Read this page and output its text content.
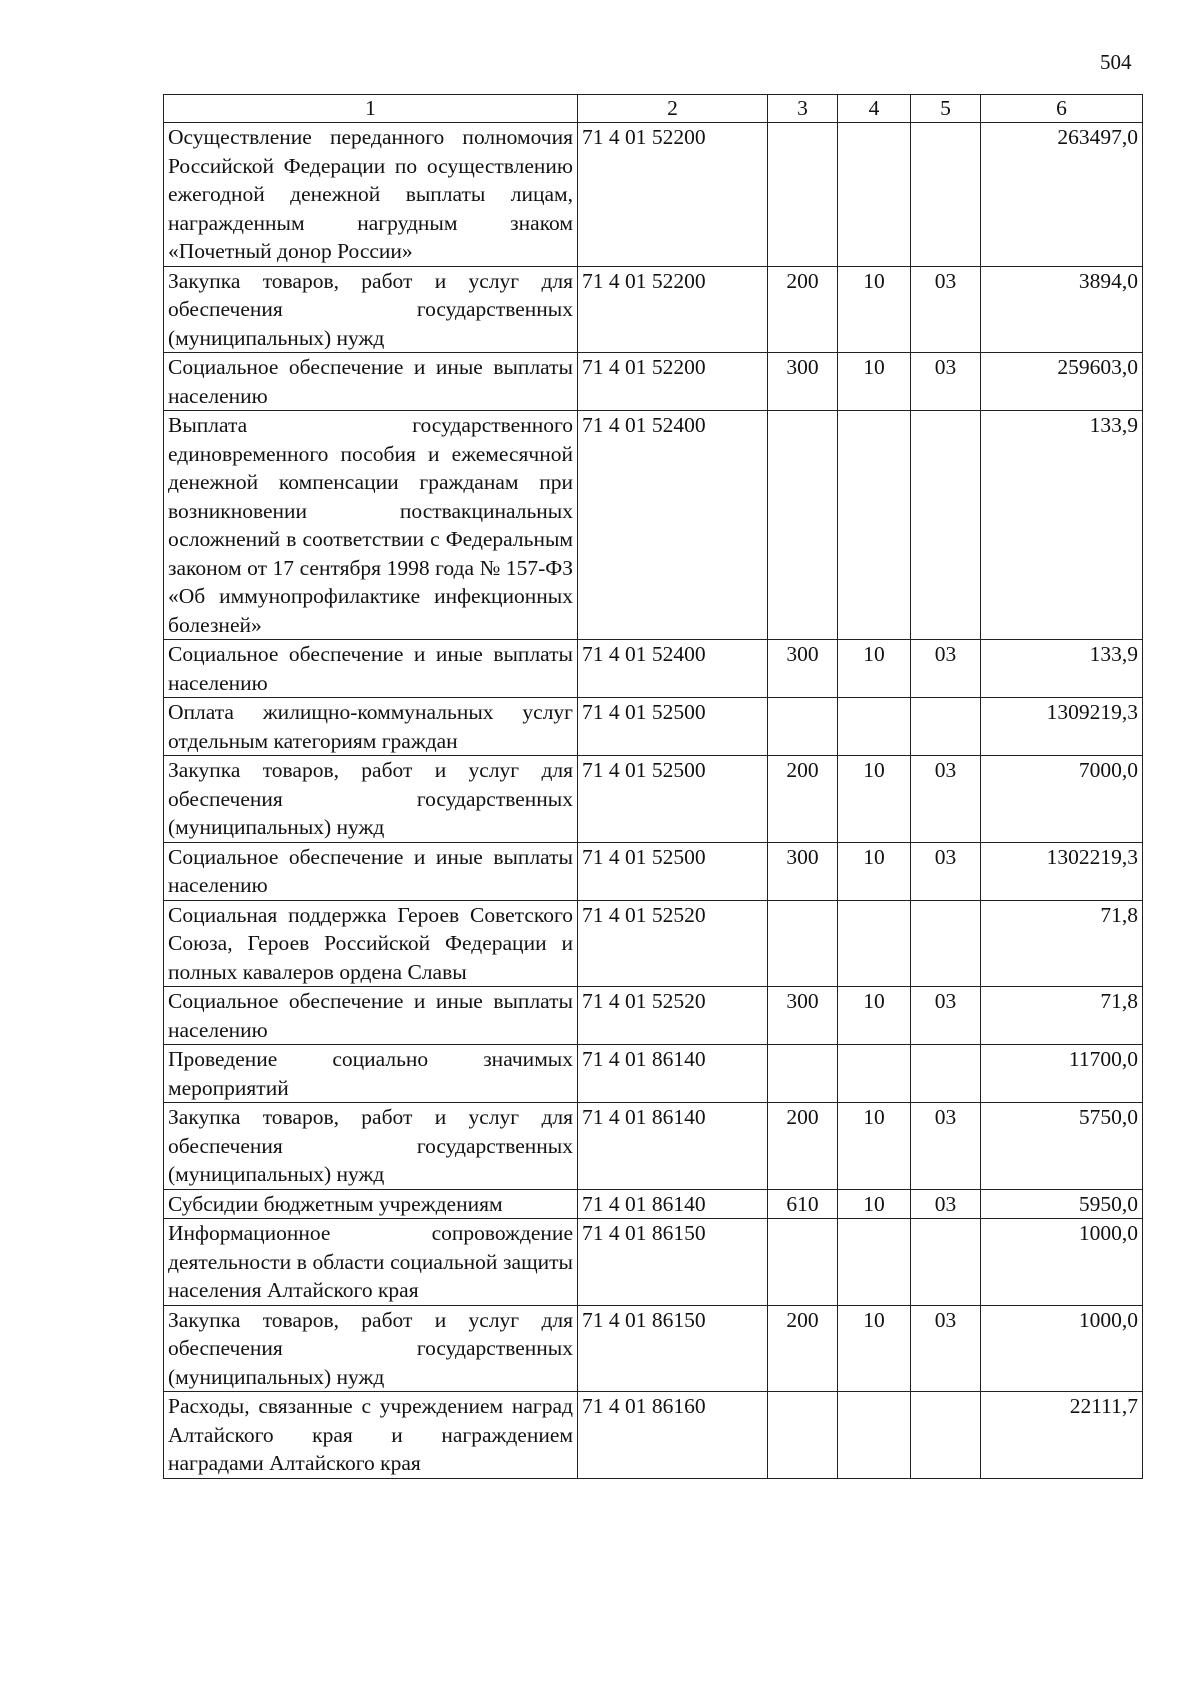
504
1	2	3	4	5	6
Осуществление переданного полномочия Российской Федерации по осуществлению ежегодной денежной выплаты лицам, награжденным нагрудным знаком «Почетный донор России»	71 4 01 52200				263497,0
Закупка товаров, работ и услуг для обеспечения государственных (муниципальных) нужд	71 4 01 52200	200	10	03	3894,0
Социальное обеспечение и иные выплаты населению	71 4 01 52200	300	10	03	259603,0
Выплата государственного единовременного пособия и ежемесячной денежной компенсации гражданам при возникновении поствакцинальных осложнений в соответствии с Федеральным законом от 17 сентября 1998 года № 157-ФЗ «Об иммунопрофилактике инфекционных болезней»	71 4 01 52400				133,9
Социальное обеспечение и иные выплаты населению	71 4 01 52400	300	10	03	133,9
Оплата жилищно-коммунальных услуг отдельным категориям граждан	71 4 01 52500				1309219,3
Закупка товаров, работ и услуг для обеспечения государственных (муниципальных) нужд	71 4 01 52500	200	10	03	7000,0
Социальное обеспечение и иные выплаты населению	71 4 01 52500	300	10	03	1302219,3
Социальная поддержка Героев Советского Союза, Героев Российской Федерации и полных кавалеров ордена Славы	71 4 01 52520				71,8
Социальное обеспечение и иные выплаты населению	71 4 01 52520	300	10	03	71,8
Проведение социально значимых мероприятий	71 4 01 86140				11700,0
Закупка товаров, работ и услуг для обеспечения государственных (муниципальных) нужд	71 4 01 86140	200	10	03	5750,0
Субсидии бюджетным учреждениям	71 4 01 86140	610	10	03	5950,0
Информационное сопровождение деятельности в области социальной защиты населения Алтайского края	71 4 01 86150				1000,0
Закупка товаров, работ и услуг для обеспечения государственных (муниципальных) нужд	71 4 01 86150	200	10	03	1000,0
Расходы, связанные с учреждением наград Алтайского края и награждением наградами Алтайского края	71 4 01 86160				22111,7
